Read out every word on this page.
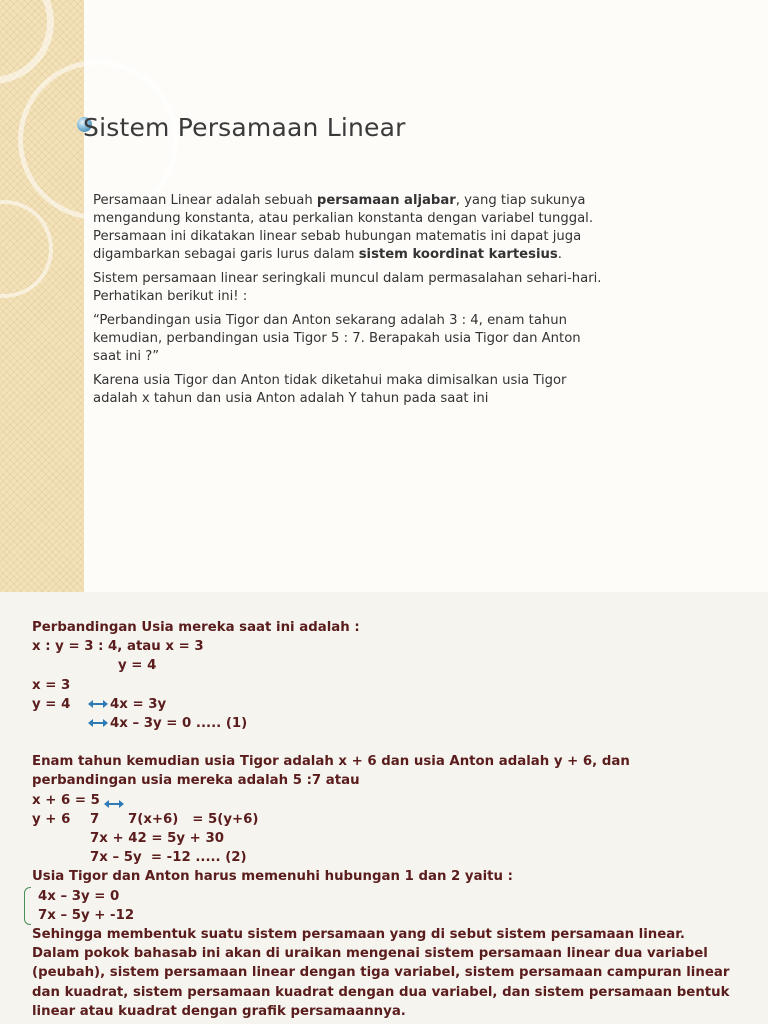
Sistem Persamaan Linear

Persamaan Linear adalah sebuah persamaan aljabar, yang tiap sukunya mengandung konstanta, atau perkalian konstanta dengan variabel tunggal. Persamaan ini dikatakan linear sebab hubungan matematis ini dapat juga digambarkan sebagai garis lurus dalam sistem koordinat kartesius.

Sistem persamaan linear seringkali muncul dalam permasalahan sehari-hari. Perhatikan berikut ini! :

“Perbandingan usia Tigor dan Anton sekarang adalah 3 : 4, enam tahun kemudian, perbandingan usia Tigor 5 : 7. Berapakah usia Tigor dan Anton saat ini ?”

Karena usia Tigor dan Anton tidak diketahui maka dimisalkan usia Tigor adalah x tahun dan usia Anton adalah Y tahun pada saat ini

Perbandingan Usia mereka saat ini adalah :
x : y = 3 : 4, atau x = 3
y = 4
x = 3
y = 4	4x = 3y
4x – 3y = 0 ..... (1)
Enam tahun kemudian usia Tigor adalah x + 6 dan usia Anton adalah y + 6, dan perbandingan usia mereka adalah 5 :7 atau
x + 6 = 5
y + 6 7 7(x+6)   = 5(y+6)
7x + 42 = 5y + 30
7x – 5y  = -12 ..... (2)
Usia Tigor dan Anton harus memenuhi hubungan 1 dan 2 yaitu :
4x – 3y = 0
7x – 5y + -12
Sehingga membentuk suatu sistem persamaan yang di sebut sistem persamaan linear. Dalam pokok bahasab ini akan di uraikan mengenai sistem persamaan linear dua variabel (peubah), sistem persamaan linear dengan tiga variabel, sistem persamaan campuran linear dan kuadrat, sistem persamaan kuadrat dengan dua variabel, dan sistem persamaan bentuk linear atau kuadrat dengan grafik persamaannya.
